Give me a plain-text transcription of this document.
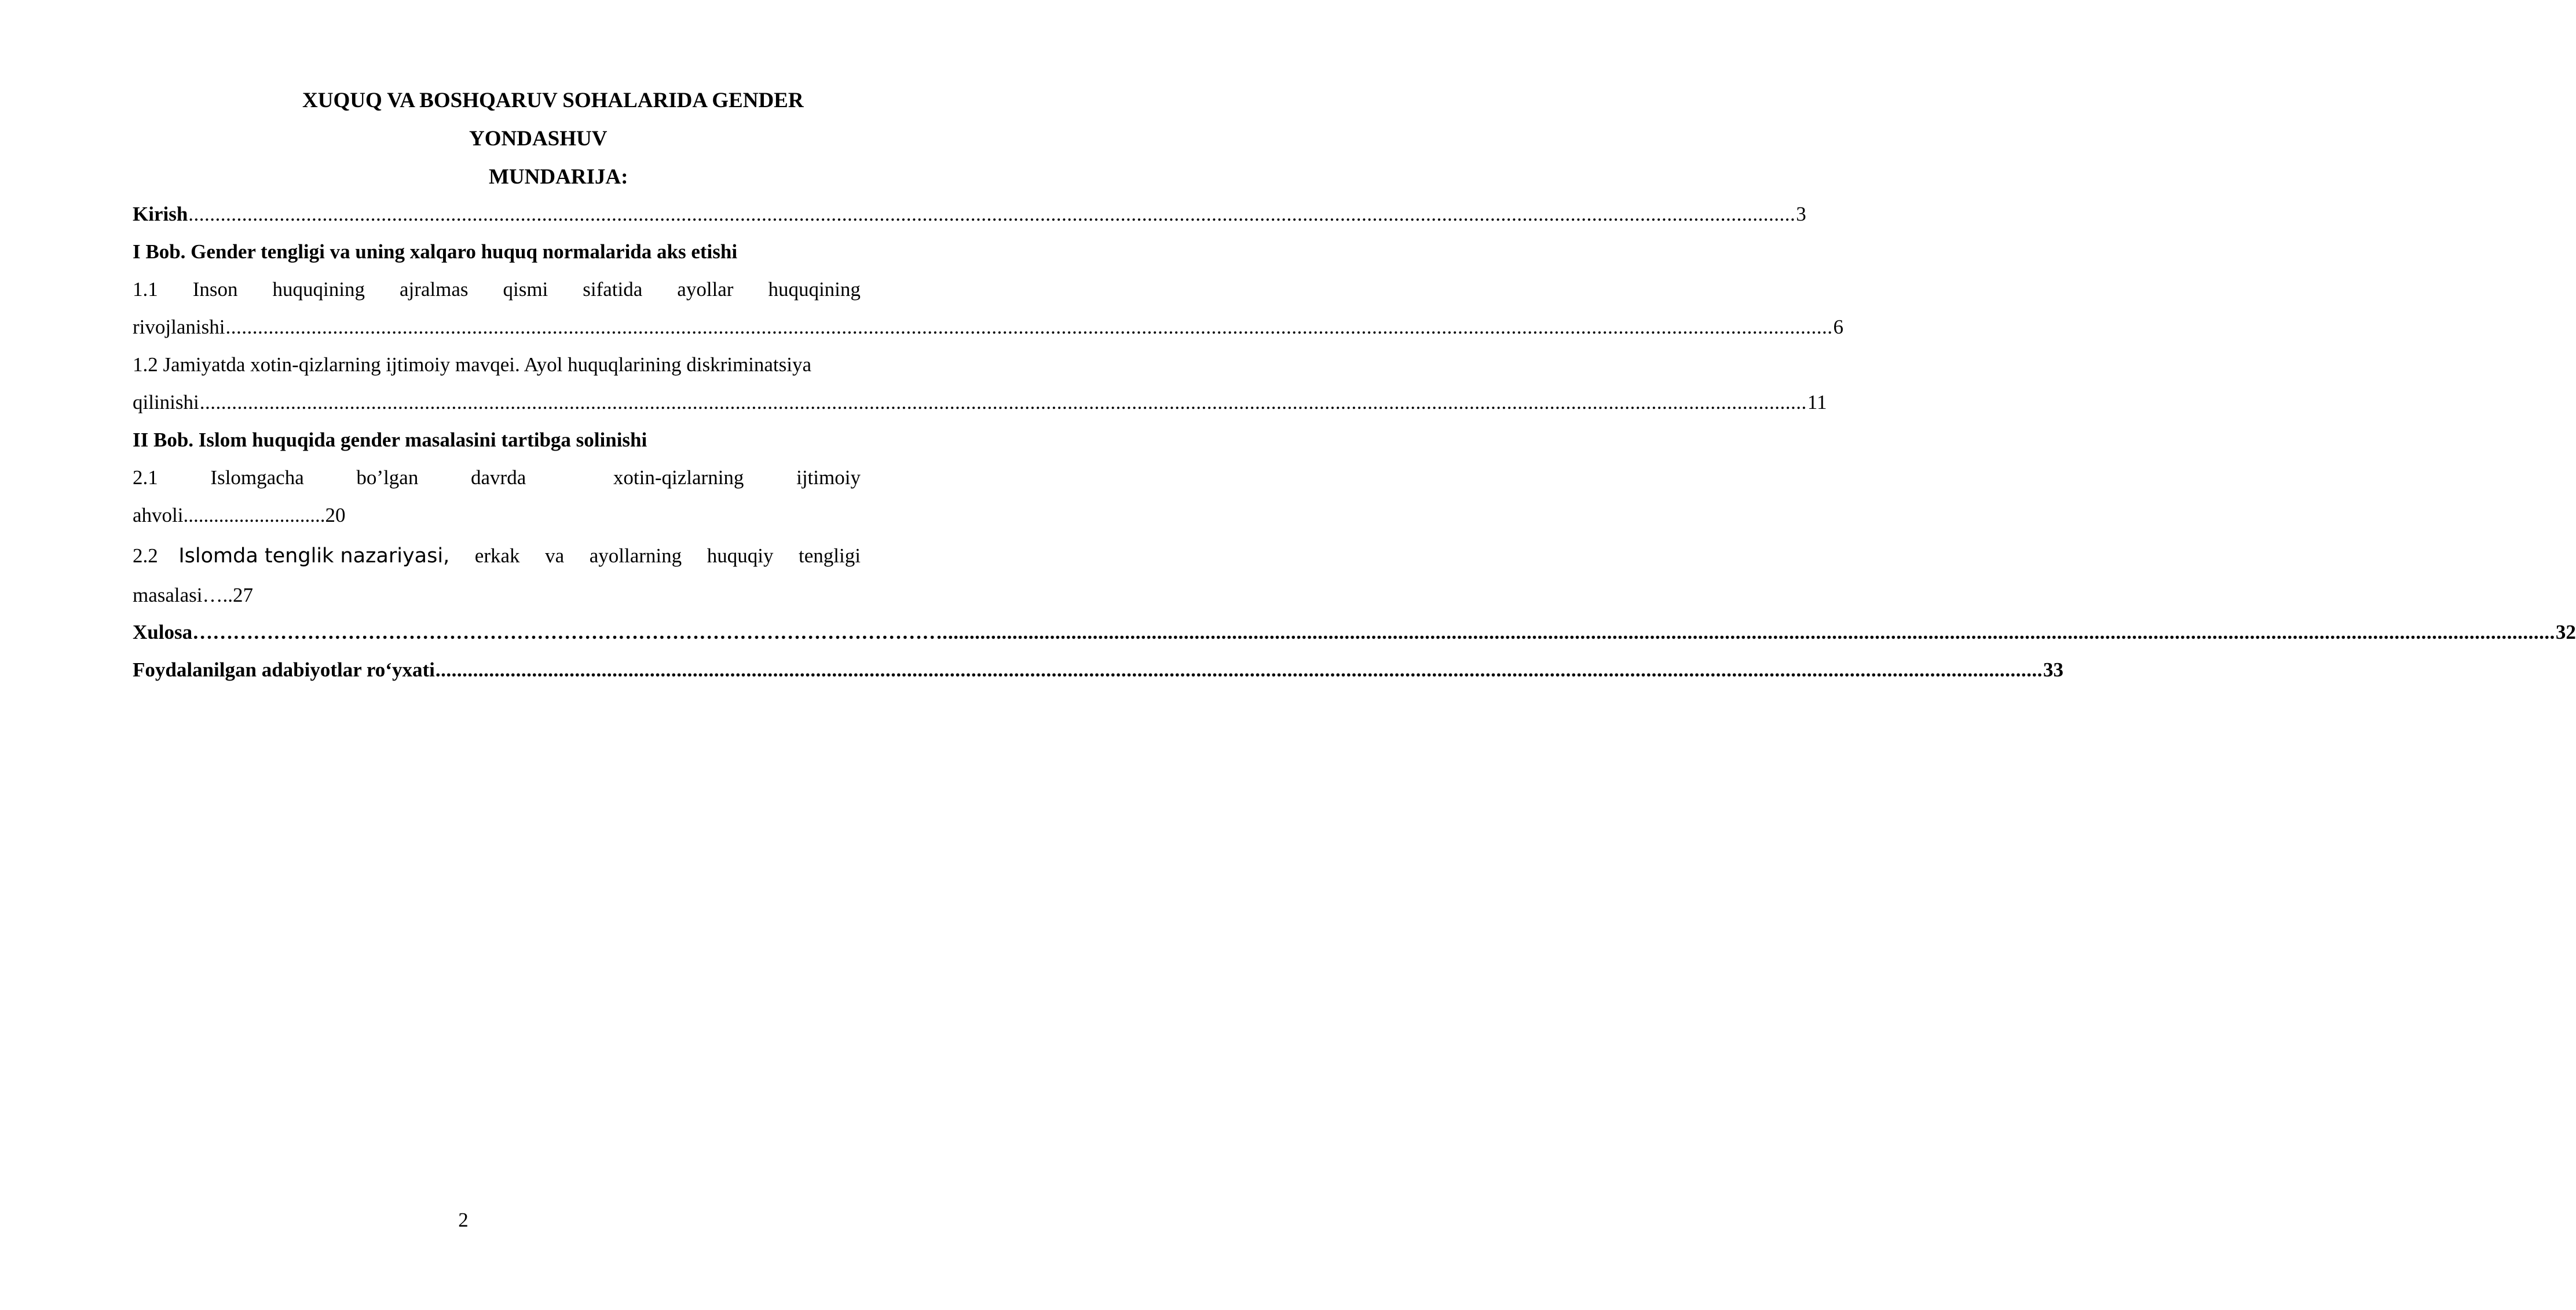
XUQUQ VA BOSHQARUV SOHALARIDA GENDER
YONDASHUV
MUNDARIJA:
Kirish .....	3
I Bob. Gender tengligi va uning xalqaro huquq normalarida aks etishi
1.1 Inson huquqining ajralmas qismi sifatida ayollar huquqining
rivojlanishi .....	6
1.2 Jamiyatda xotin-qizlarning ijtimoiy mavqei. Ayol huquqlarining diskriminatsiya
qilinishi .....	11
II Bob. Islom huquqida gender masalasini tartibga solinishi
2.1	Islomgacha	bo’lgan	davrda	xotin-qizlarning	ijtimoiy
ahvoli............................20
2.2 Islomda tenglik nazariyasi, erkak va ayollarning huquqiy tengligi
masalasi…..27
Xulosa …………………………………………………………………………………………………. .....	32
Foydalanilgan adabiyotlar ro‘yxati .....	33
2
